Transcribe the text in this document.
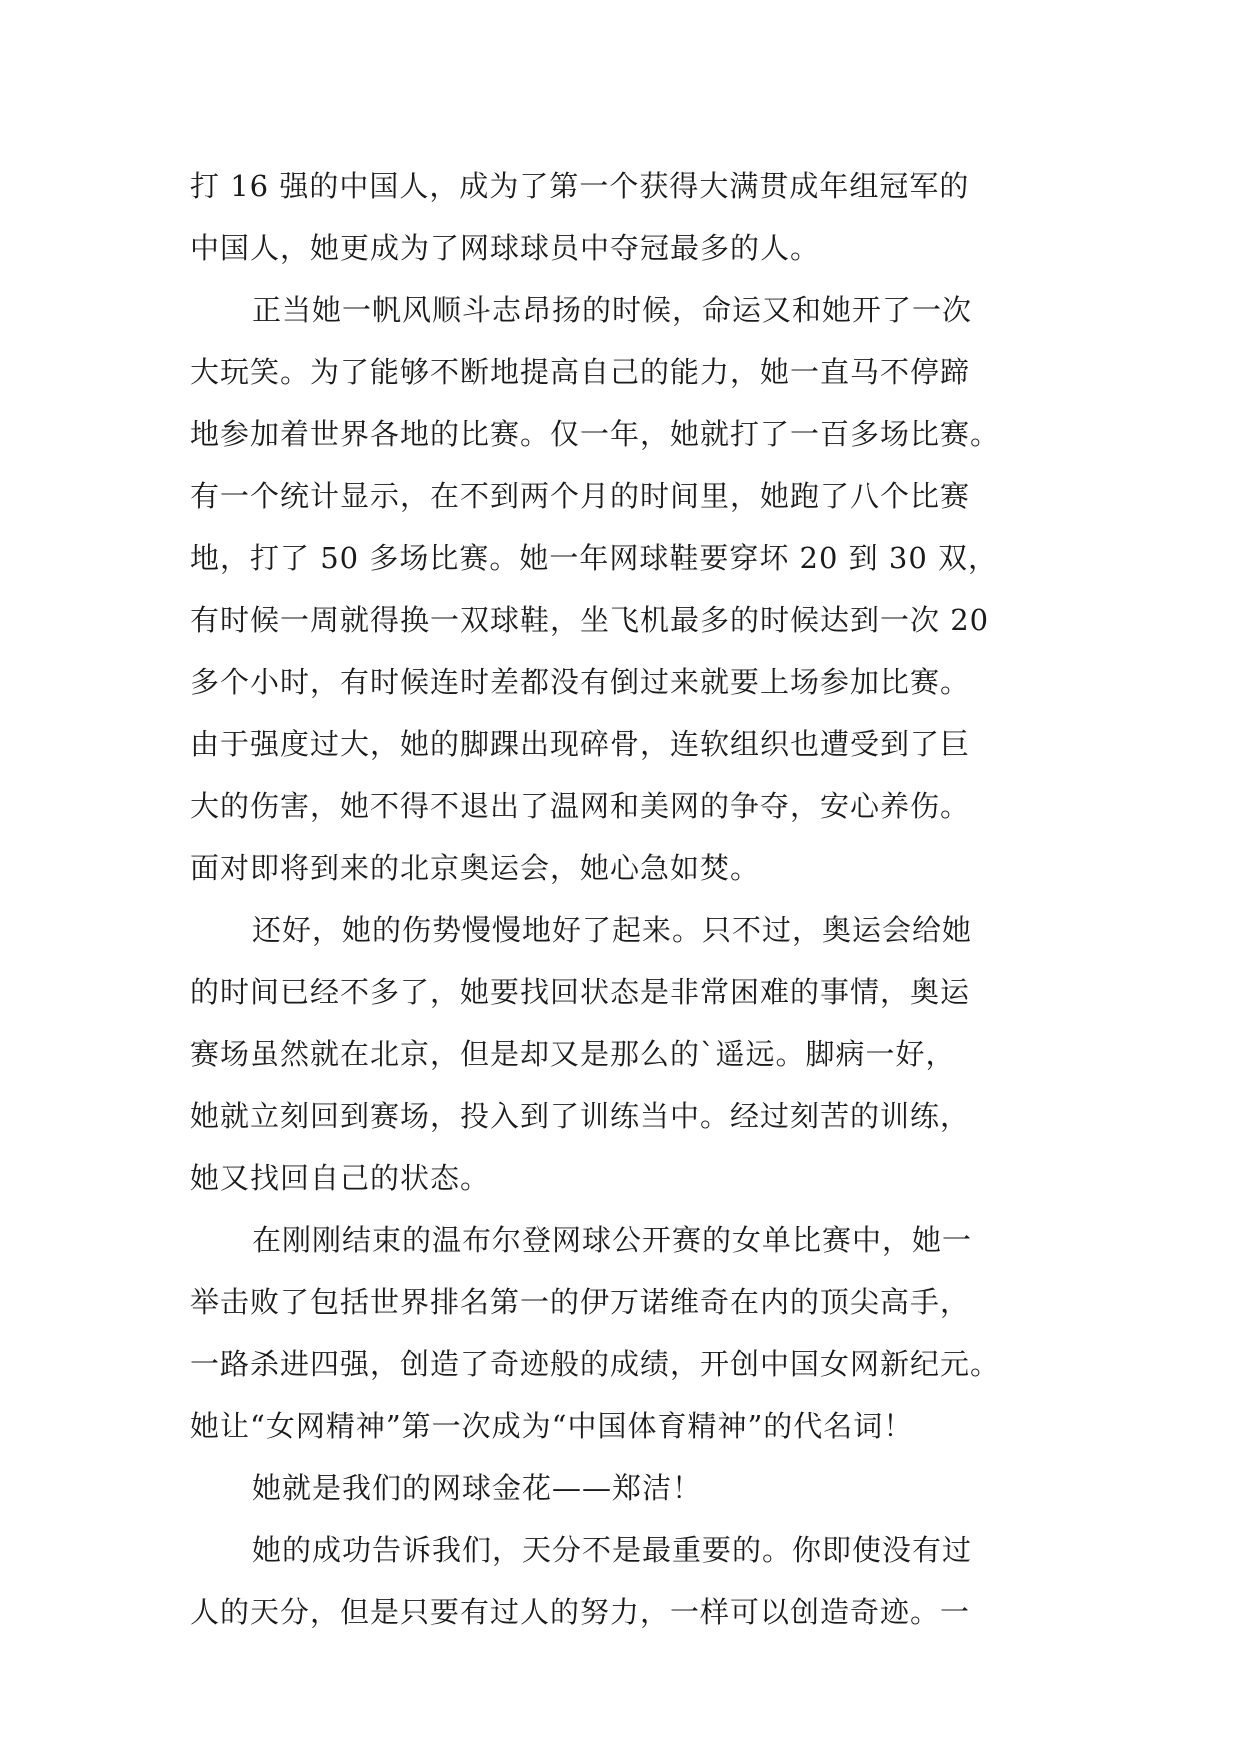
打 16 强的中国人，成为了第一个获得大满贯成年组冠军的
中国人，她更成为了网球球员中夺冠最多的人。
正当她一帆风顺斗志昂扬的时候，命运又和她开了一次
大玩笑。为了能够不断地提高自己的能力，她一直马不停蹄
地参加着世界各地的比赛。仅一年，她就打了一百多场比赛。
有一个统计显示，在不到两个月的时间里，她跑了八个比赛
地，打了 50 多场比赛。她一年网球鞋要穿坏 20 到 30 双，
有时候一周就得换一双球鞋，坐飞机最多的时候达到一次 20
多个小时，有时候连时差都没有倒过来就要上场参加比赛。
由于强度过大，她的脚踝出现碎骨，连软组织也遭受到了巨
大的伤害，她不得不退出了温网和美网的争夺，安心养伤。
面对即将到来的北京奥运会，她心急如焚。
还好，她的伤势慢慢地好了起来。只不过，奥运会给她
的时间已经不多了，她要找回状态是非常困难的事情，奥运
赛场虽然就在北京，但是却又是那么的`遥远。脚病一好，
她就立刻回到赛场，投入到了训练当中。经过刻苦的训练，
她又找回自己的状态。
在刚刚结束的温布尔登网球公开赛的女单比赛中，她一
举击败了包括世界排名第一的伊万诺维奇在内的顶尖高手，
一路杀进四强，创造了奇迹般的成绩，开创中国女网新纪元。
她让“女网精神”第一次成为“中国体育精神”的代名词！
她就是我们的网球金花——郑洁！
她的成功告诉我们，天分不是最重要的。你即使没有过
人的天分，但是只要有过人的努力，一样可以创造奇迹。一
